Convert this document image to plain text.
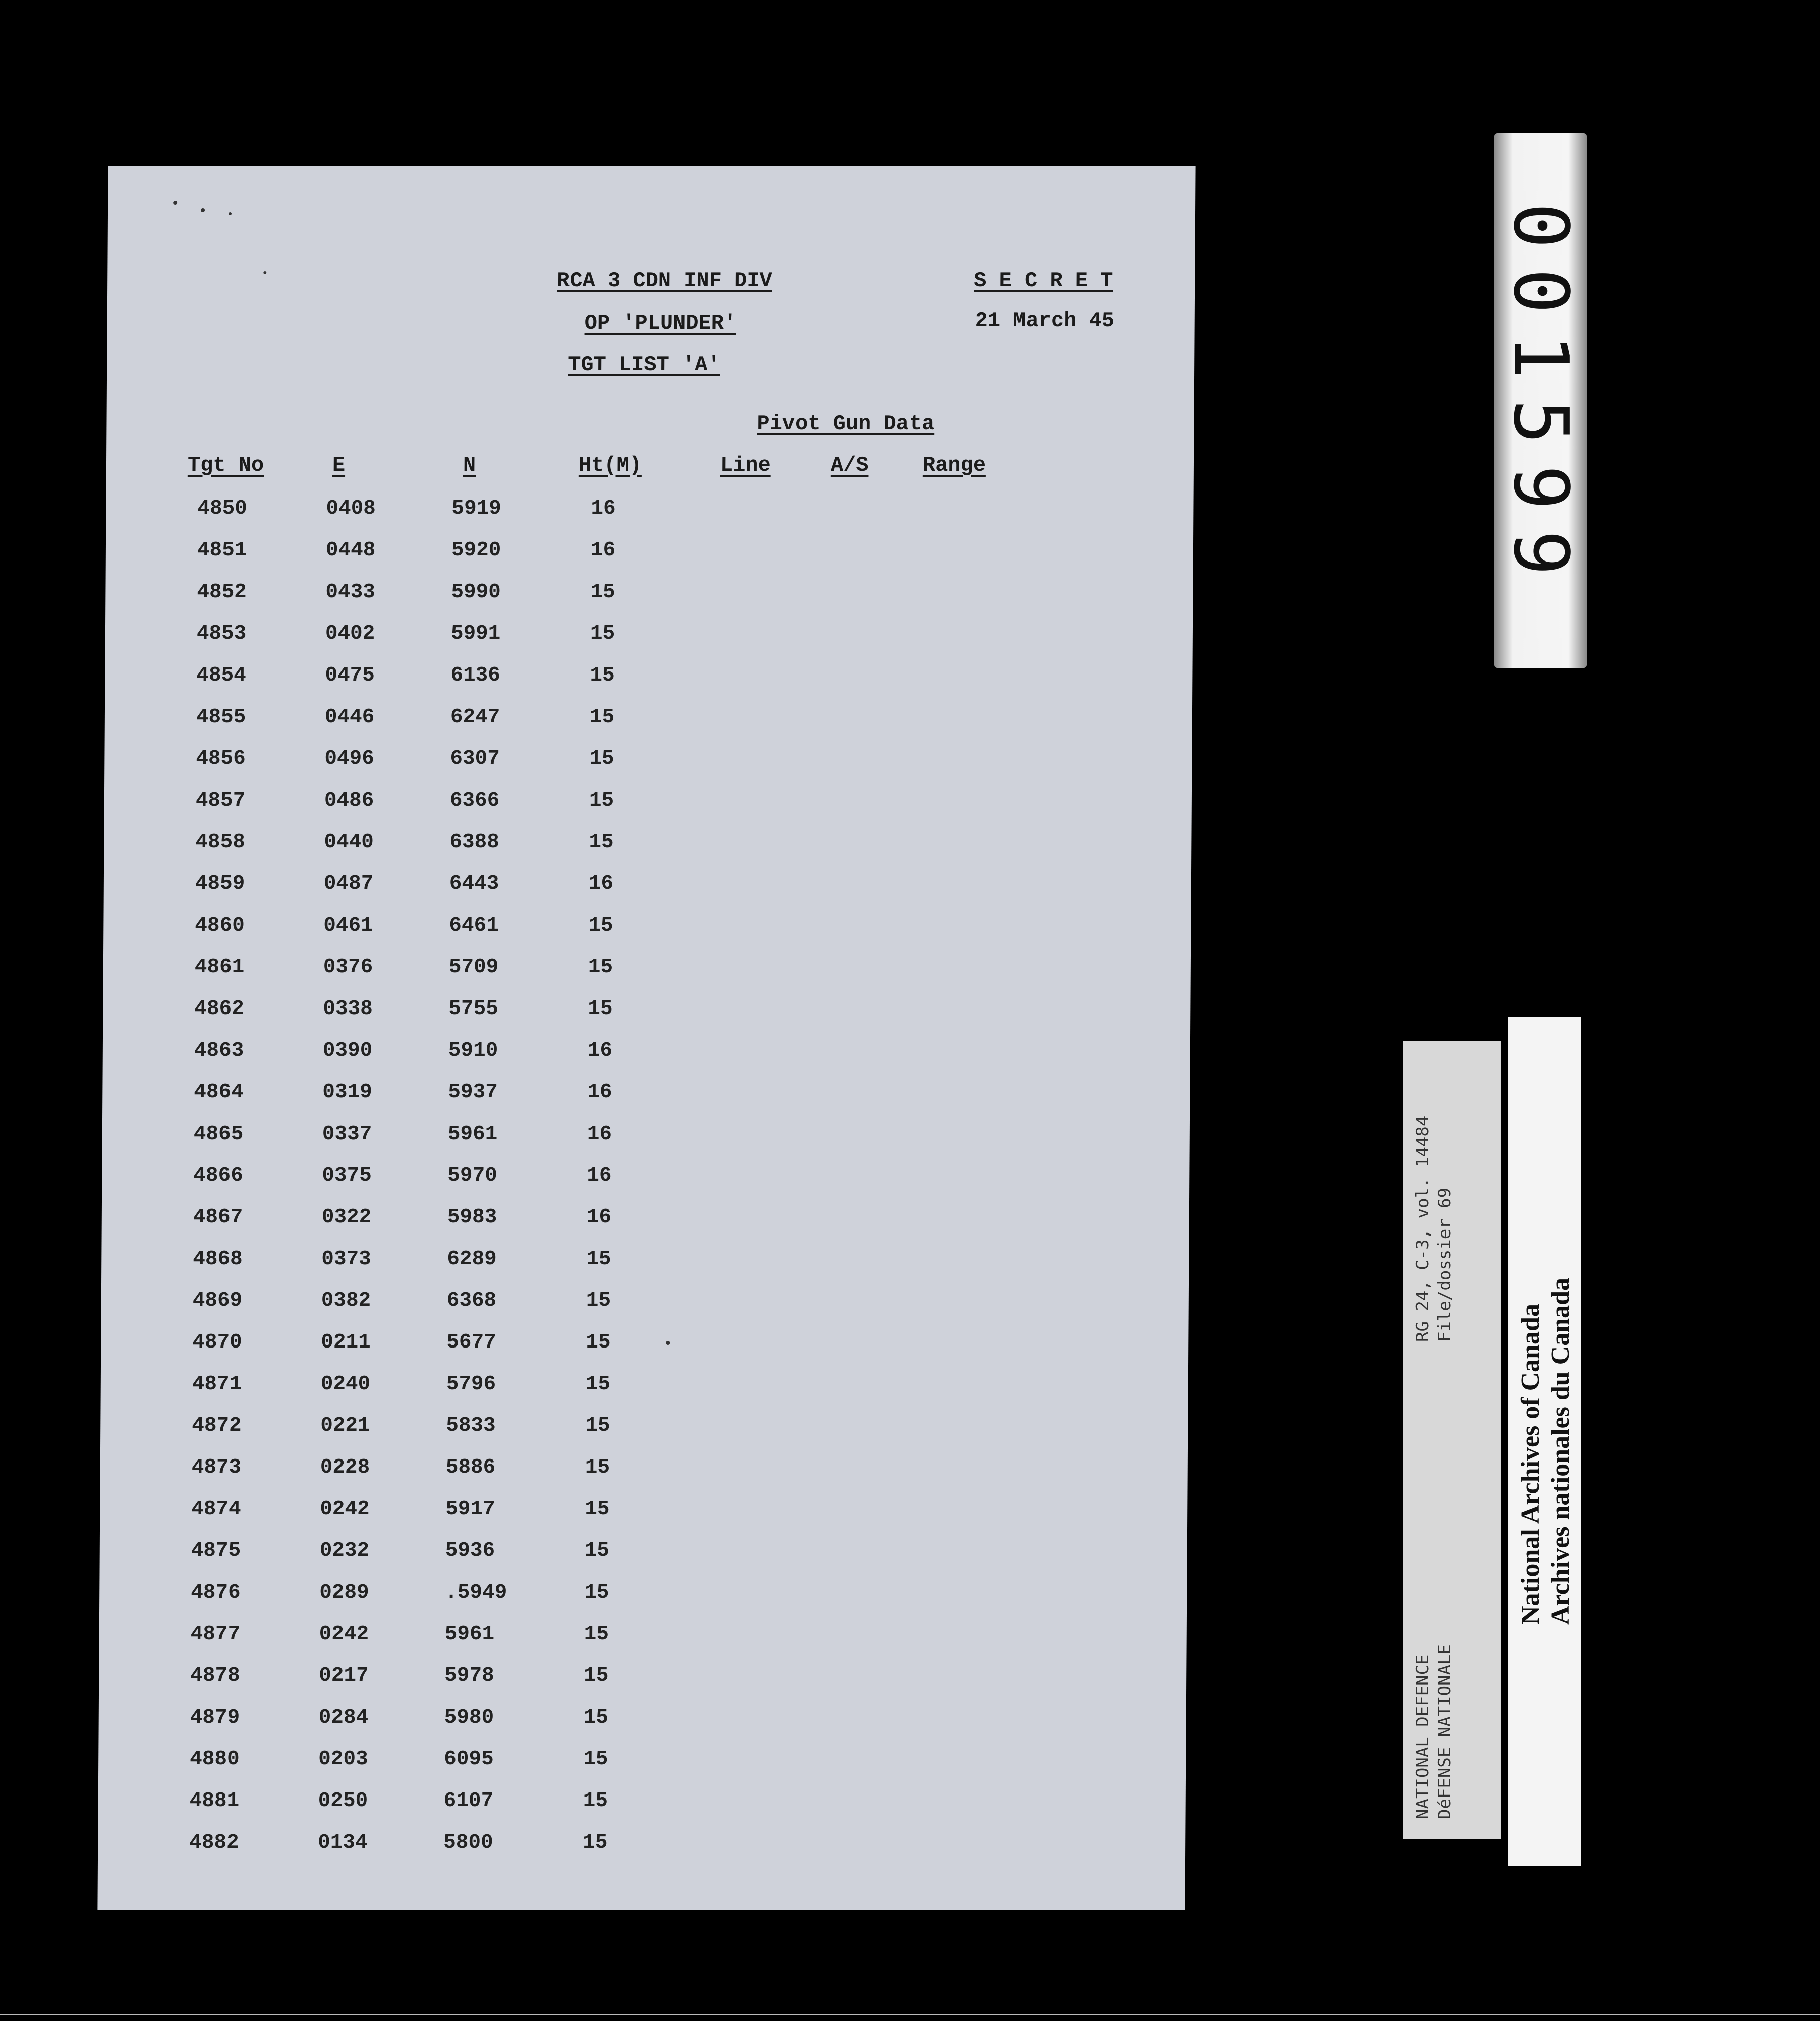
RCA 3 CDN INF DIV
OP 'PLUNDER'
TGT LIST 'A'
S E C R E T
21 March 45
Pivot Gun Data
Tgt No	E	N	Ht(M)	Line	A/S	Range
4850	0408	5919	16
4851	0448	5920	16
4852	0433	5990	15
4853	0402	5991	15
4854	0475	6136	15
4855	0446	6247	15
4856	0496	6307	15
4857	0486	6366	15
4858	0440	6388	15
4859	0487	6443	16
4860	0461	6461	15
4861	0376	5709	15
4862	0338	5755	15
4863	0390	5910	16
4864	0319	5937	16
4865	0337	5961	16
4866	0375	5970	16
4867	0322	5983	16
4868	0373	6289	15
4869	0382	6368	15
4870	0211	5677	15
4871	0240	5796	15
4872	0221	5833	15
4873	0228	5886	15
4874	0242	5917	15
4875	0232	5936	15
4876	0289	.5949	15
4877	0242	5961	15
4878	0217	5978	15
4879	0284	5980	15
4880	0203	6095	15
4881	0250	6107	15
4882	0134	5800	15
001599
NATIONAL DEFENCE DéFENSE NATIONALE
RG 24, C-3, vol. 14484 File/dossier 69
National Archives of Canada Archives nationales du Canada
